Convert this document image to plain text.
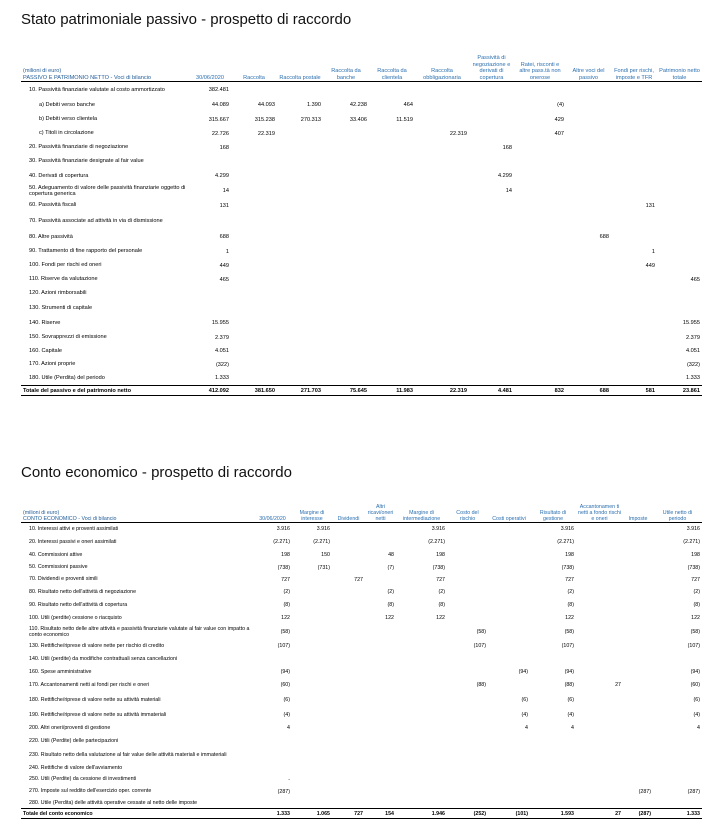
Stato patrimoniale passivo - prospetto di raccordo
(milioni di euro)
PASSIVO E PATRIMONIO NETTO - Voci di bilancio	30/06/2020	Raccolta	Raccolta postale	Raccolta da banche	Raccolta da clientela	Raccolta obbligazionaria	Passività di negoziazione e derivati di copertura	Ratei, risconti e altre pass.tà non onerose	Altre voci del passivo	Fondi per rischi, imposte e TFR	Patrimonio netto totale
10. Passività finanziarie valutate al costo ammortizzato	382.481										
a) Debiti verso banche	44.089	44.093	1.390	42.238	464			(4)			
b) Debiti verso clientela	315.667	315.238	270.313	33.406	11.519			429			
c) Titoli in circolazione	22.726	22.319				22.319		407			
20. Passività finanziarie di negoziazione	168						168				
30. Passività finanziarie designate al fair value											
40. Derivati di copertura	4.299						4.299				
50. Adeguamento di valore delle passività finanziarie oggetto di copertura generica	14						14				
60. Passività fiscali	131									131	
70. Passività associate ad attività in via di dismissione											
80. Altre passività	688								688		
90. Trattamento di fine rapporto del personale	1									1	
100. Fondi per rischi ed oneri	449									449	
110. Riserve da valutazione	465										465
120. Azioni rimborsabili											
130. Strumenti di capitale											
140. Riserve	15.955										15.955
150. Sovrapprezzi di emissione	2.379										2.379
160. Capitale	4.051										4.051
170. Azioni proprie	(322)										(322)
180. Utile (Perdita) del periodo	1.333										1.333
Totale del passivo e del patrimonio netto	412.092	381.650	271.703	75.645	11.983	22.319	4.481	832	688	581	23.861
Conto economico - prospetto di raccordo
(milioni di euro)
CONTO ECONOMICO - Voci di bilancio	30/06/2020	Margine di interesse	Dividendi	Altri ricavi/oneri netti	Margine di intermediazione	Costo del rischio	Costi operativi	Risultato di gestione	Accantonamen ti netti a fondo rischi e oneri	Imposte	Utile netto di periodo
10. Interessi attivi e proventi assimilati	3.916	3.916			3.916			3.916			3.916
20. Interessi passivi e oneri assimilati	(2.271)	(2.271)			(2.271)			(2.271)			(2.271)
40. Commissioni attive	198	150		48	198			198			198
50. Commissioni passive	(738)	(731)		(7)	(738)			(738)			(738)
70. Dividendi e proventi simili	727		727		727			727			727
80. Risultato netto dell'attività di negoziazione	(2)			(2)	(2)			(2)			(2)
90. Risultato netto dell'attività di copertura	(8)			(8)	(8)			(8)			(8)
100. Utili (perdite) cessione o riacquisto	122			122	122			122			122
110. Risultato netto delle altre attività e passività finanziarie valutate al fair value con impatto a conto economico	(58)					(58)		(58)			(58)
130. Rettifiche/riprese di valore nette per rischio di credito	(107)					(107)		(107)			(107)
140. Utili (perdite) da modifiche contrattuali senza cancellazioni											
160. Spese amministrative	(94)						(94)	(94)			(94)
170. Accantonamenti netti ai fondi per rischi e oneri	(60)					(88)		(88)	27		(60)
180. Rettifiche/riprese di valore nette su attività materiali	(6)						(6)	(6)			(6)
190. Rettifiche/riprese di valore nette su attività immateriali	(4)						(4)	(4)			(4)
200. Altri oneri/proventi di gestione	4						4	4			4
220. Utili (Perdite) delle partecipazioni											
230. Risultato netto della valutazione al fair value delle attività materiali e immateriali											
240. Rettifiche di valore dell'avviamento											
250. Utili (Perdite) da cessione di investimenti	-										
270. Imposte sul reddito dell'esercizio oper. corrente	(287)									(287)	(287)
280. Utile (Perdita) delle attività operative cessate al netto delle imposte											
Totale del conto economico	1.333	1.065	727	154	1.946	(252)	(101)	1.593	27	(287)	1.333
